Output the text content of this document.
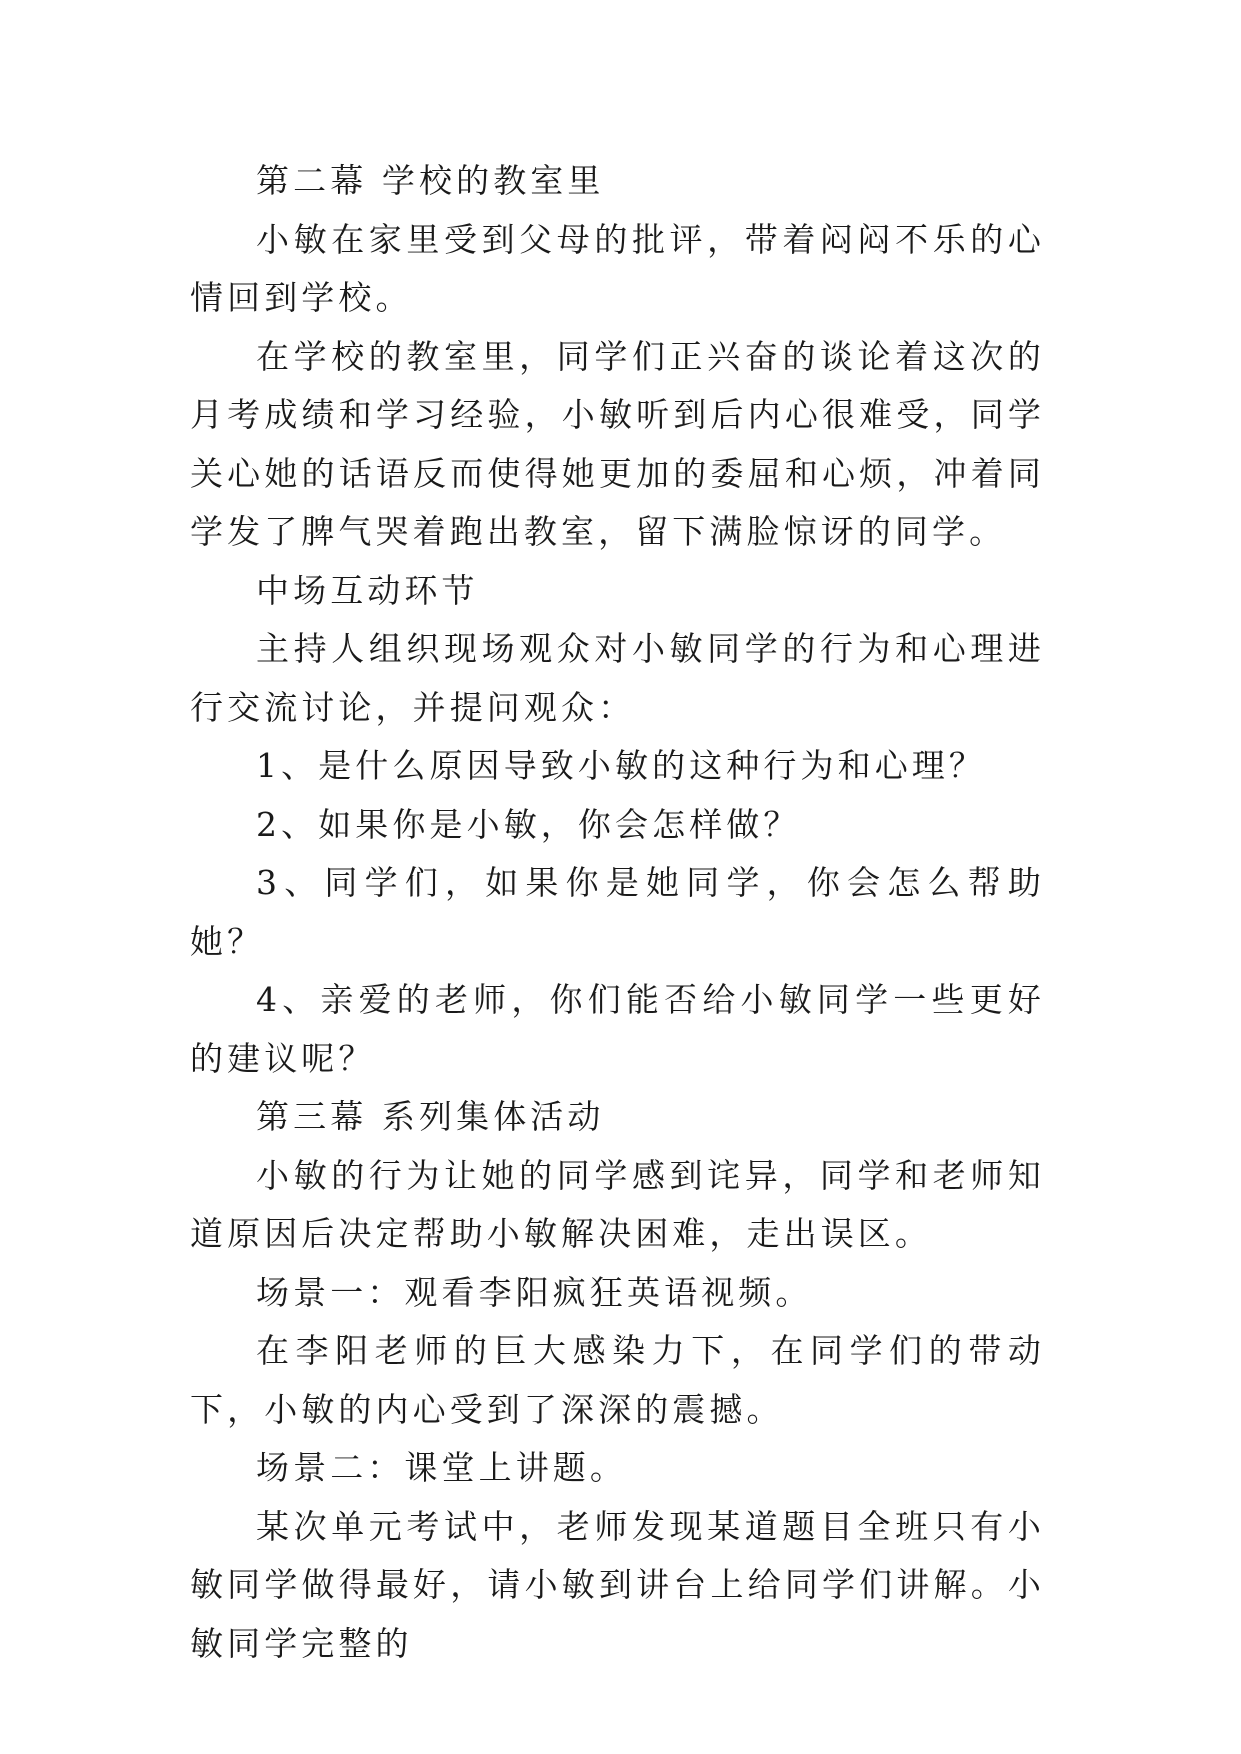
第二幕 学校的教室里

小敏在家里受到父母的批评，带着闷闷不乐的心情回到学校。

在学校的教室里，同学们正兴奋的谈论着这次的月考成绩和学习经验，小敏听到后内心很难受，同学关心她的话语反而使得她更加的委屈和心烦，冲着同学发了脾气哭着跑出教室，留下满脸惊讶的同学。

中场互动环节

主持人组织现场观众对小敏同学的行为和心理进行交流讨论，并提问观众：

1、是什么原因导致小敏的这种行为和心理？

2、如果你是小敏，你会怎样做？

3、同学们，如果你是她同学，你会怎么帮助她？

4、亲爱的老师，你们能否给小敏同学一些更好的建议呢？

第三幕 系列集体活动

小敏的行为让她的同学感到诧异，同学和老师知道原因后决定帮助小敏解决困难，走出误区。

场景一：观看李阳疯狂英语视频。

在李阳老师的巨大感染力下，在同学们的带动下，小敏的内心受到了深深的震撼。

场景二：课堂上讲题。

某次单元考试中，老师发现某道题目全班只有小敏同学做得最好，请小敏到讲台上给同学们讲解。小敏同学完整的
